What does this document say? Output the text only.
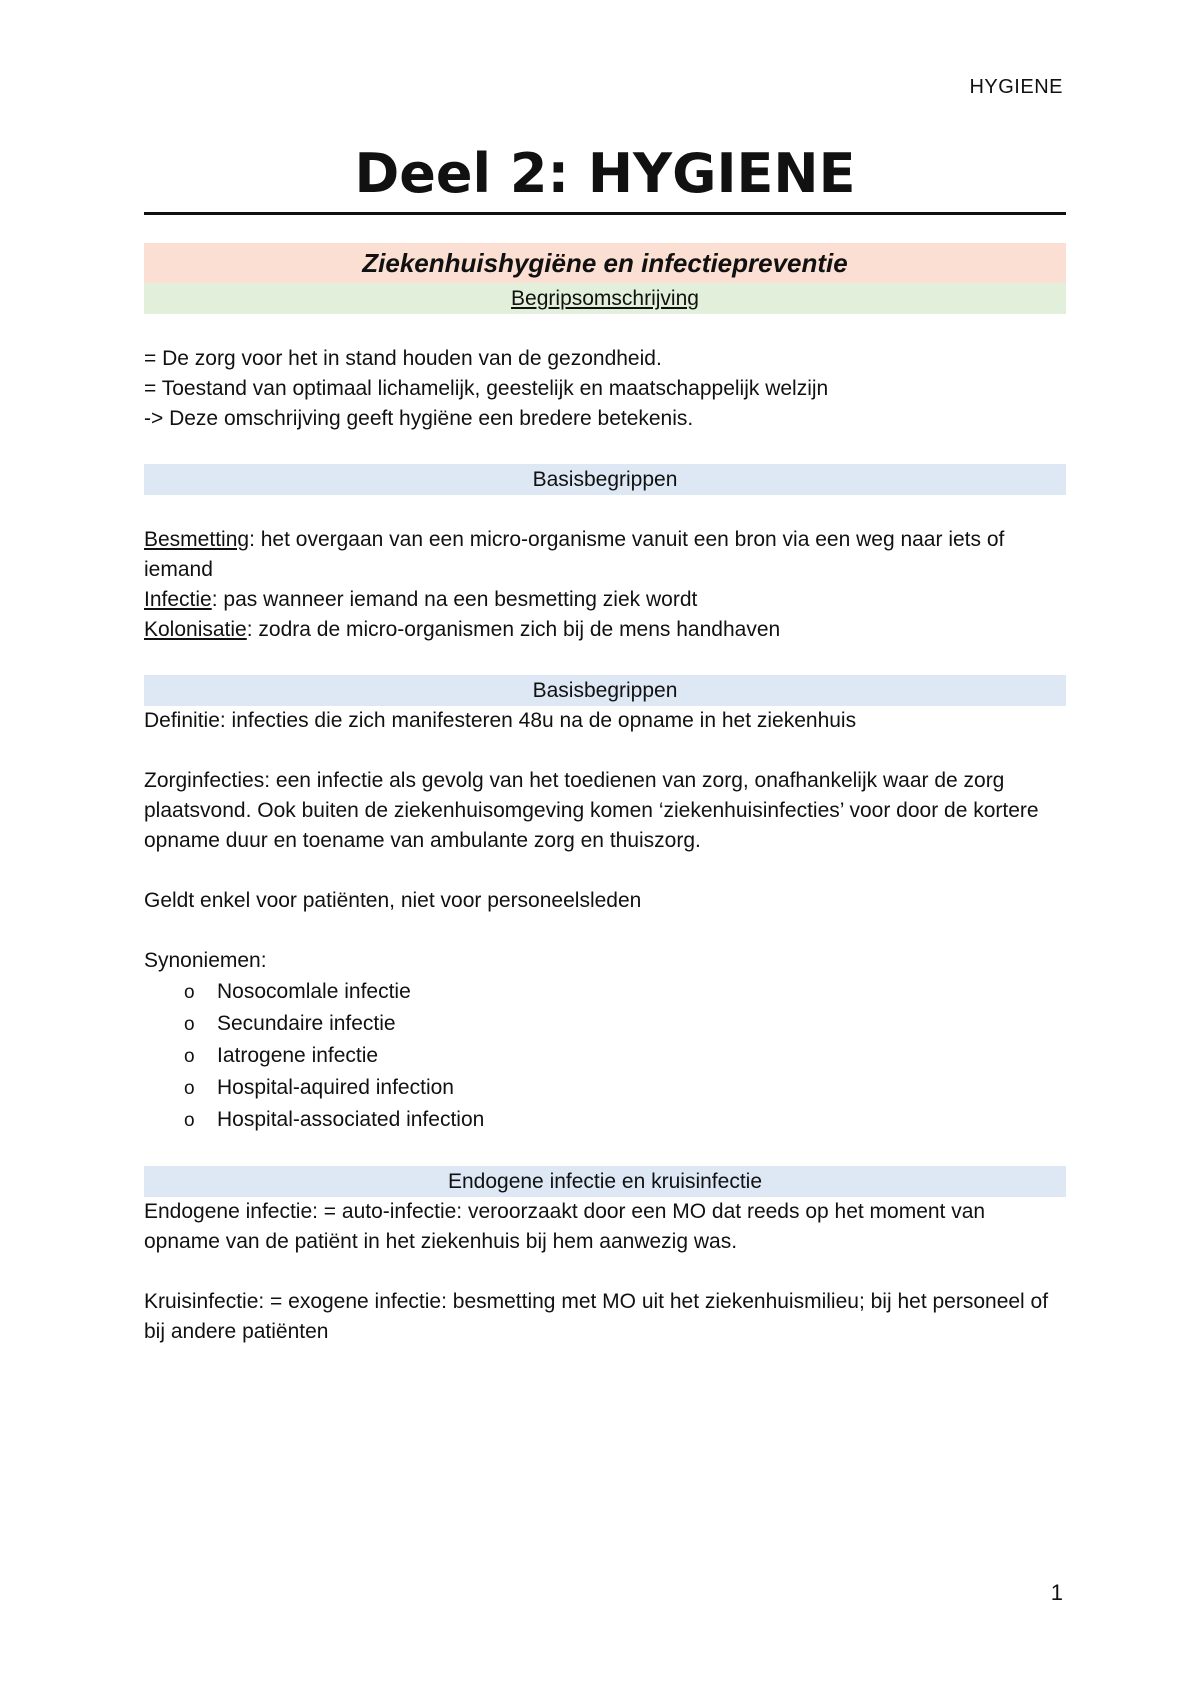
HYGIENE
Deel 2: HYGIENE
Ziekenhuishygiëne en infectiepreventie
Begripsomschrijving

= De zorg voor het in stand houden van de gezondheid.

= Toestand van optimaal lichamelijk, geestelijk en maatschappelijk welzijn

-> Deze omschrijving geeft hygiëne een bredere betekenis.

Basisbegrippen

Besmetting: het overgaan van een micro-organisme vanuit een bron via een weg naar iets of iemand

Infectie: pas wanneer iemand na een besmetting ziek wordt

Kolonisatie: zodra de micro-organismen zich bij de mens handhaven

Basisbegrippen

Definitie: infecties die zich manifesteren 48u na de opname in het ziekenhuis

Zorginfecties: een infectie als gevolg van het toedienen van zorg, onafhankelijk waar de zorg plaatsvond. Ook buiten de ziekenhuisomgeving komen ‘ziekenhuisinfecties’ voor door de kortere opname duur en toename van ambulante zorg en thuiszorg.

Geldt enkel voor patiënten, niet voor personeelsleden

Synoniemen:

o	Nosocomlale infectie
o	Secundaire infectie
o	Iatrogene infectie
o	Hospital-aquired infection
o	Hospital-associated infection
Endogene infectie en kruisinfectie

Endogene infectie: = auto-infectie: veroorzaakt door een MO dat reeds op het moment van opname van de patiënt in het ziekenhuis bij hem aanwezig was.

Kruisinfectie: = exogene infectie: besmetting met MO uit het ziekenhuismilieu; bij het personeel of bij andere patiënten

1
